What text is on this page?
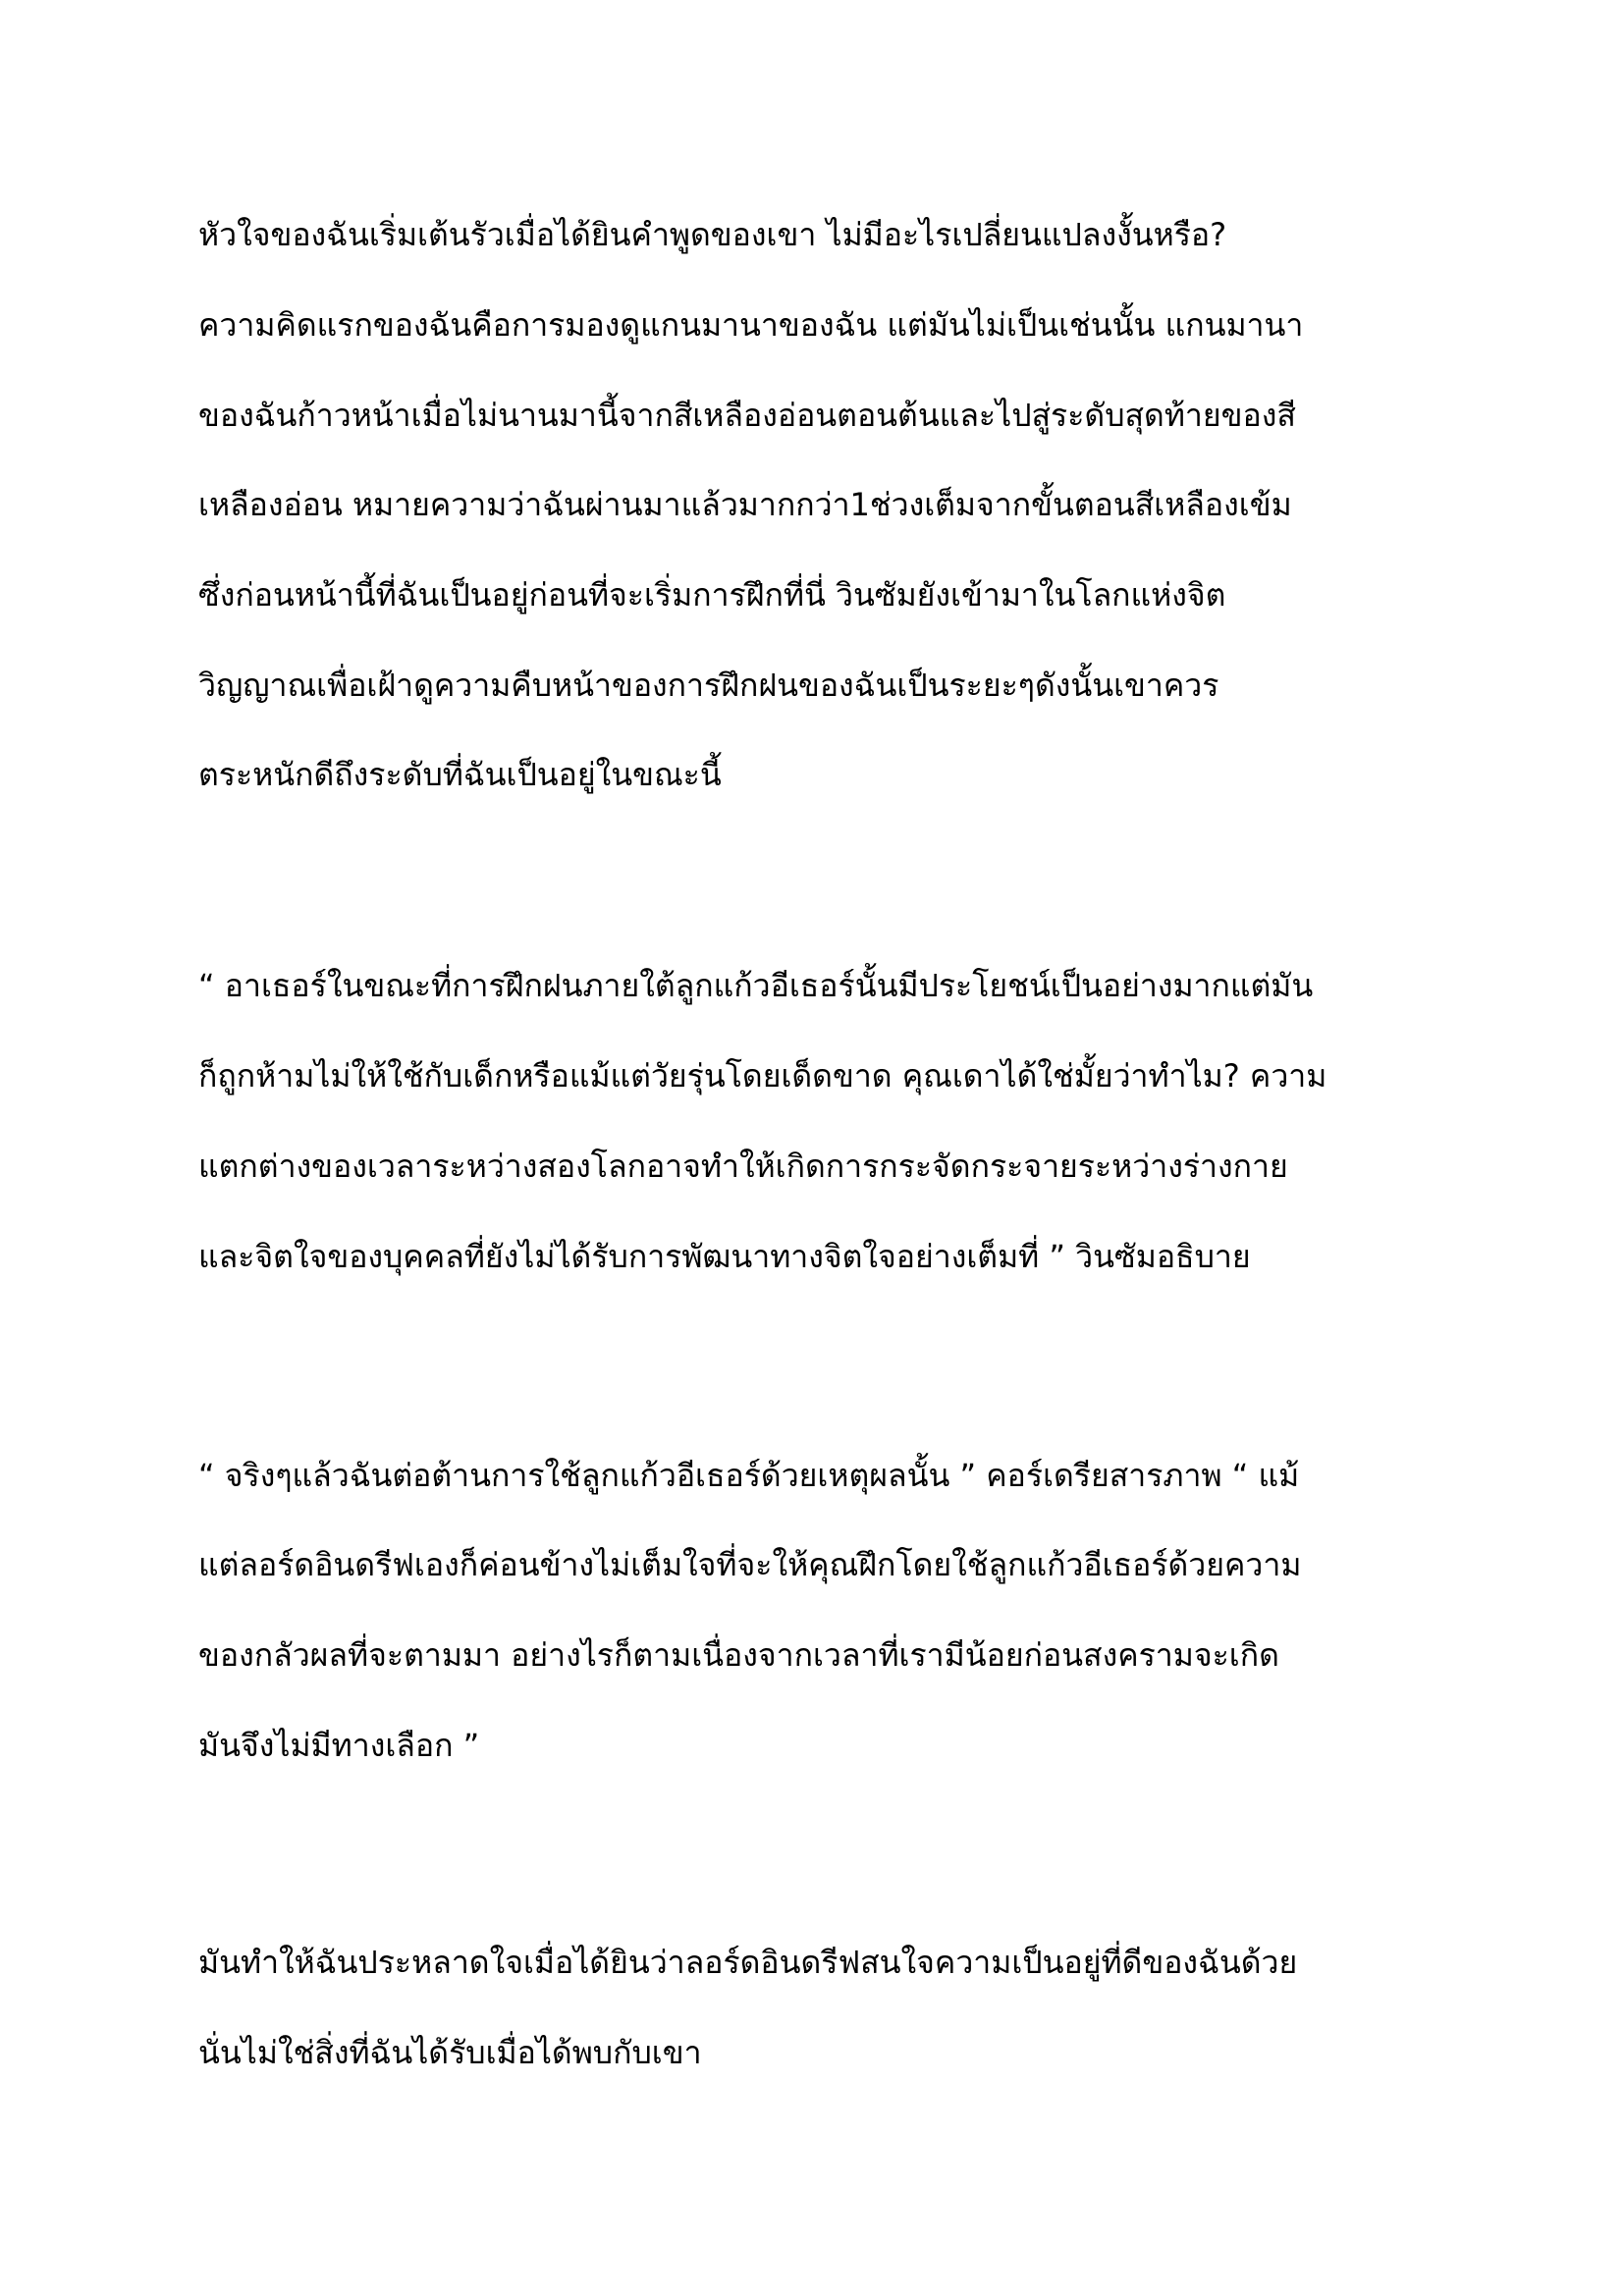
หัวใจของฉันเริ่มเต้นรัวเมื่อได้ยินคำพูดของเขา ไม่มีอะไรเปลี่ยนแปลงงั้นหรือ?
ความคิดแรกของฉันคือการมองดูแกนมานาของฉัน แต่มันไม่เป็นเช่นนั้น แกนมานา
ของฉันก้าวหน้าเมื่อไม่นานมานี้จากสีเหลืองอ่อนตอนต้นและไปสู่ระดับสุดท้ายของสี
เหลืองอ่อน หมายความว่าฉันผ่านมาแล้วมากกว่า1ช่วงเต็มจากขั้นตอนสีเหลืองเข้ม
ซึ่งก่อนหน้านี้ที่ฉันเป็นอยู่ก่อนที่จะเริ่มการฝึกที่นี่ วินซัมยังเข้ามาในโลกแห่งจิต
วิญญาณเพื่อเฝ้าดูความคืบหน้าของการฝึกฝนของฉันเป็นระยะๆดังนั้นเขาควร
ตระหนักดีถึงระดับที่ฉันเป็นอยู่ในขณะนี้
“ อาเธอร์ในขณะที่การฝึกฝนภายใต้ลูกแก้วอีเธอร์นั้นมีประโยชน์เป็นอย่างมากแต่มัน
ก็ถูกห้ามไม่ให้ใช้กับเด็กหรือแม้แต่วัยรุ่นโดยเด็ดขาด คุณเดาได้ใช่มั้ยว่าทำไม? ความ
แตกต่างของเวลาระหว่างสองโลกอาจทำให้เกิดการกระจัดกระจายระหว่างร่างกาย
และจิตใจของบุคคลที่ยังไม่ได้รับการพัฒนาทางจิตใจอย่างเต็มที่ ” วินซัมอธิบาย
“ จริงๆแล้วฉันต่อต้านการใช้ลูกแก้วอีเธอร์ด้วยเหตุผลนั้น ” คอร์เดรียสารภาพ “ แม้
แต่ลอร์ดอินดรีฟเองก็ค่อนข้างไม่เต็มใจที่จะให้คุณฝึกโดยใช้ลูกแก้วอีเธอร์ด้วยความ
ของกลัวผลที่จะตามมา อย่างไรก็ตามเนื่องจากเวลาที่เรามีน้อยก่อนสงครามจะเกิด
มันจึงไม่มีทางเลือก ”
มันทำให้ฉันประหลาดใจเมื่อได้ยินว่าลอร์ดอินดรีฟสนใจความเป็นอยู่ที่ดีของฉันด้วย
นั่นไม่ใช่สิ่งที่ฉันได้รับเมื่อได้พบกับเขา
